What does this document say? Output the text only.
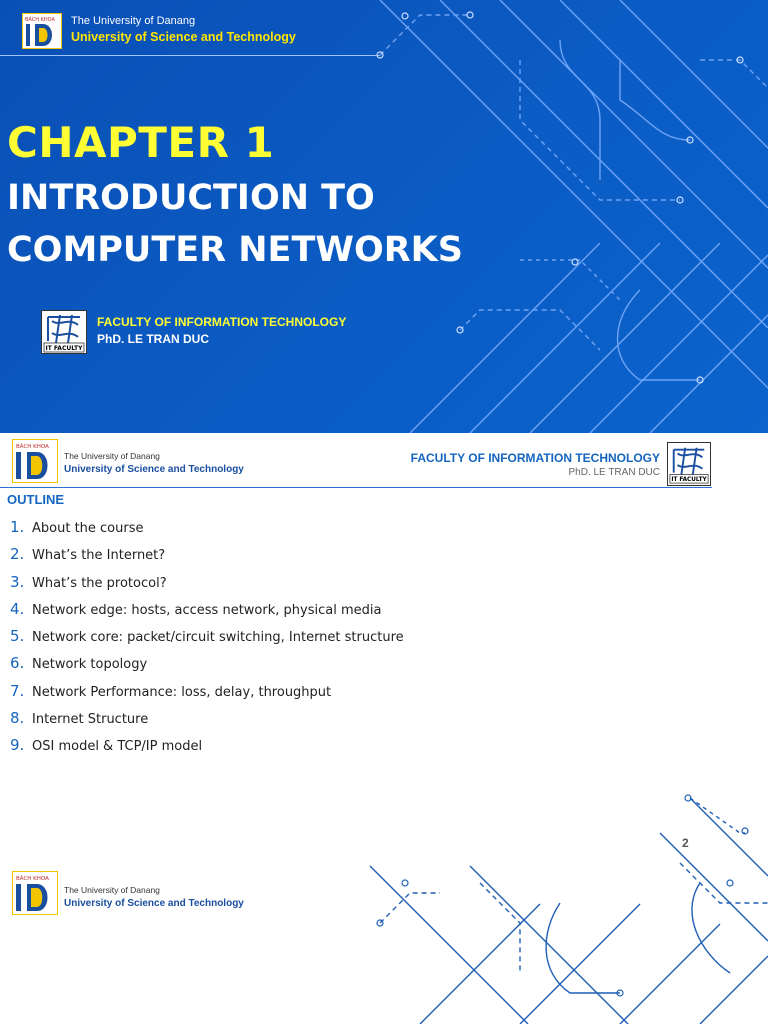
BÁCH KHOA The University of Danang
University of Science and Technology
CHAPTER 1
INTRODUCTION TO
COMPUTER NETWORKS
IT FACULTY
FACULTY OF INFORMATION TECHNOLOGY
PhD. LE TRAN DUC
BÁCH KHOA
The University of Danang
University of Science and Technology
FACULTY OF INFORMATION TECHNOLOGY
PhD. LE TRAN DUC
IT FACULTY
OUTLINE
1. About the course
2. What’s the Internet?
3. What’s the protocol?
4. Network edge: hosts, access network, physical media
5. Network core: packet/circuit switching, Internet structure
6. Network topology
7. Network Performance: loss, delay, throughput
8. Internet Structure
9. OSI model & TCP/IP model
2
BÁCH KHOA
The University of Danang
University of Science and Technology
